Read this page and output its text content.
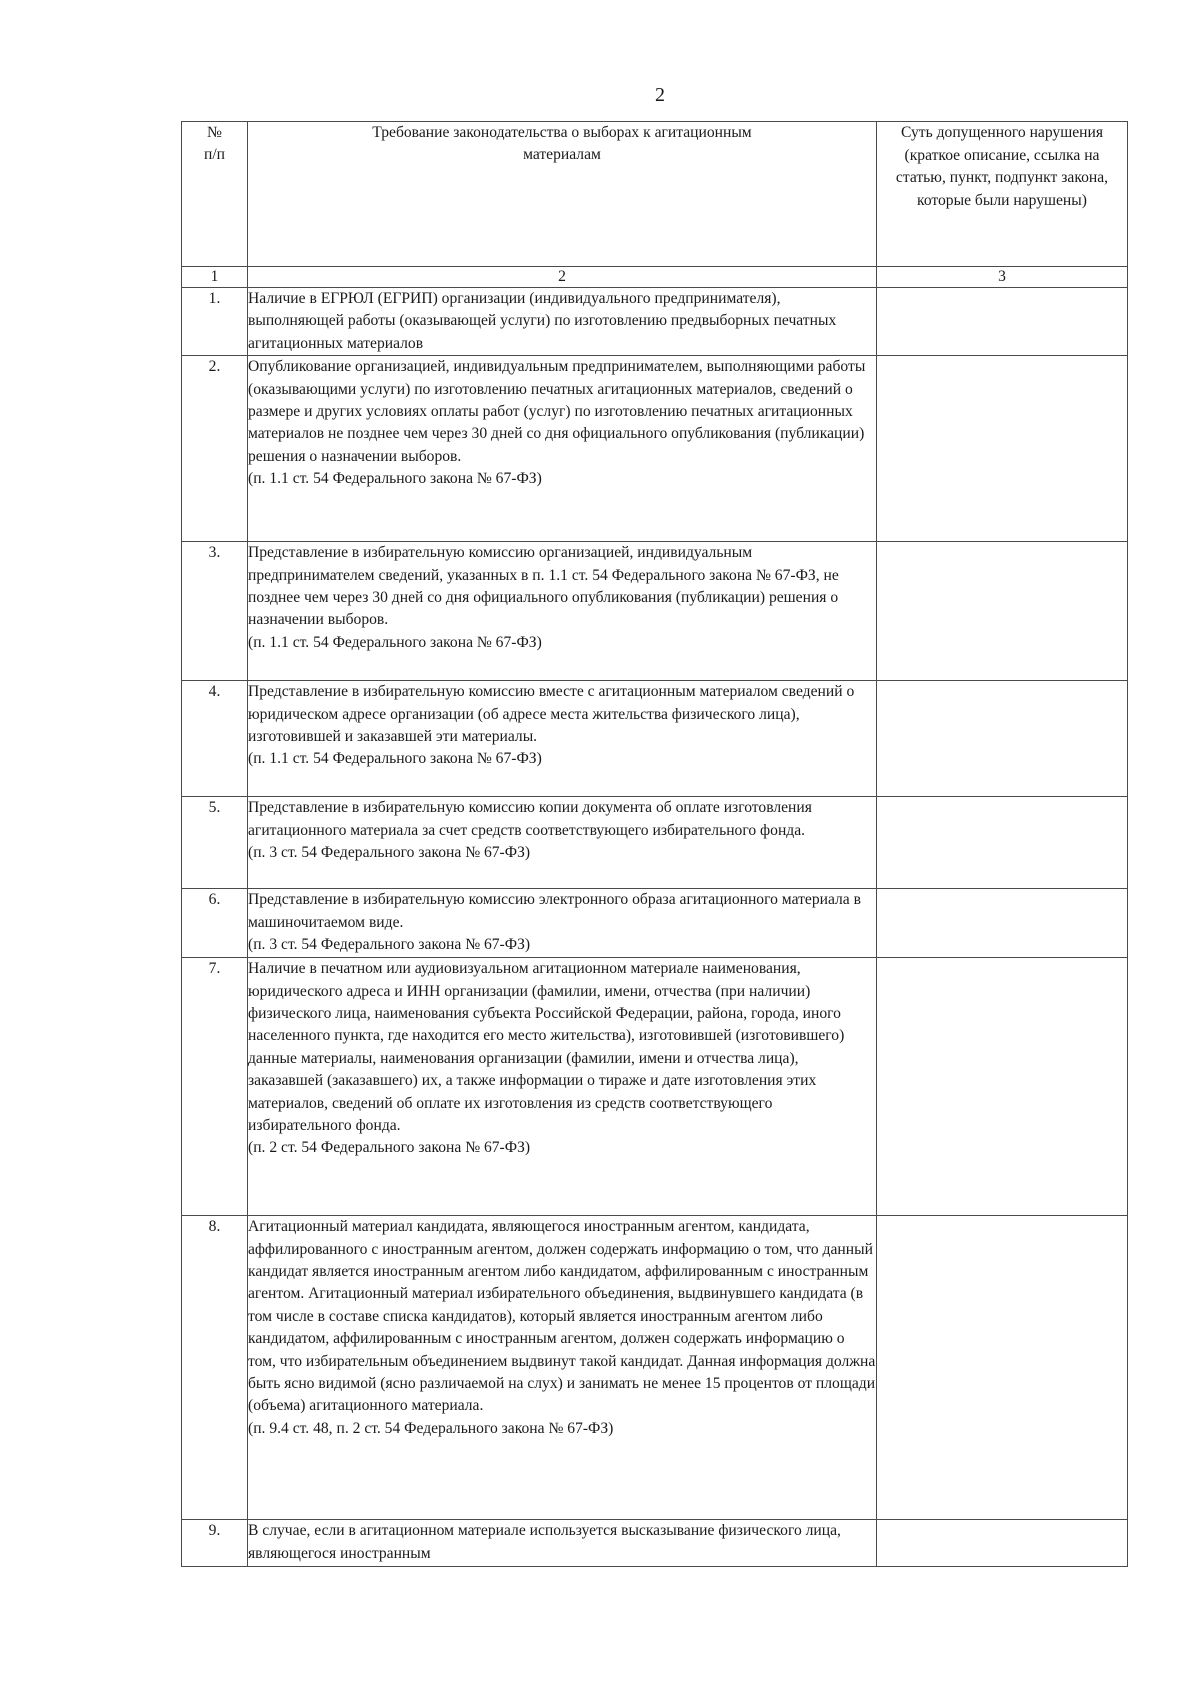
2
№ п/п	Требование законодательства о выборах к агитационным материалам	Суть допущенного нарушения (краткое описание, ссылка на статью, пункт, подпункт закона, которые были нарушены)

1	2	3
1.	Наличие в ЕГРЮЛ (ЕГРИП) организации (индивидуального предпринимателя), выполняющей работы (оказывающей услуги) по изготовлению предвыборных печатных агитационных материалов	
2.	Опубликование организацией, индивидуальным предпринимателем, выполняющими работы (оказывающими услуги) по изготовлению печатных агитационных материалов, сведений о размере и других условиях оплаты работ (услуг) по изготовлению печатных агитационных материалов не позднее чем через 30 дней со дня официального опубликования (публикации) решения о назначении выборов.
(п. 1.1 ст. 54 Федерального закона № 67-ФЗ)	

3.	Представление в избирательную комиссию организацией, индивидуальным предпринимателем сведений, указанных в п. 1.1 ст. 54 Федерального закона № 67-ФЗ, не позднее чем через 30 дней со дня официального опубликования (публикации) решения о назначении выборов.
(п. 1.1 ст. 54 Федерального закона № 67-ФЗ)	

4.	Представление в избирательную комиссию вместе с агитационным материалом сведений о юридическом адресе организации (об адресе места жительства физического лица), изготовившей и заказавшей эти материалы.
(п. 1.1 ст. 54 Федерального закона № 67-ФЗ)	

5.	Представление в избирательную комиссию копии документа об оплате изготовления агитационного материала за счет средств соответствующего избирательного фонда.
(п. 3 ст. 54 Федерального закона № 67-ФЗ)	

6.	Представление в избирательную комиссию электронного образа агитационного материала в машиночитаемом виде.
(п. 3 ст. 54 Федерального закона № 67-ФЗ)	

7.	Наличие в печатном или аудиовизуальном агитационном материале наименования, юридического адреса и ИНН организации (фамилии, имени, отчества (при наличии) физического лица, наименования субъекта Российской Федерации, района, города, иного населенного пункта, где находится его место жительства), изготовившей (изготовившего) данные материалы, наименования организации (фамилии, имени и отчества лица), заказавшей (заказавшего) их, а также информации о тираже и дате изготовления этих материалов, сведений об оплате их изготовления из средств соответствующего избирательного фонда.
(п. 2 ст. 54 Федерального закона № 67-ФЗ)	

8.	Агитационный материал кандидата, являющегося иностранным агентом, кандидата, аффилированного с иностранным агентом, должен содержать информацию о том, что данный кандидат является иностранным агентом либо кандидатом, аффилированным с иностранным агентом. Агитационный материал избирательного объединения, выдвинувшего кандидата (в том числе в составе списка кандидатов), который является иностранным агентом либо кандидатом, аффилированным с иностранным агентом, должен содержать информацию о том, что избирательным объединением выдвинут такой кандидат. Данная информация должна быть ясно видимой (ясно различаемой на слух) и занимать не менее 15 процентов от площади (объема) агитационного материала.
(п. 9.4 ст. 48, п. 2 ст. 54 Федерального закона № 67-ФЗ)	

9.	В случае, если в агитационном материале используется высказывание физического лица, являющегося иностранным	
